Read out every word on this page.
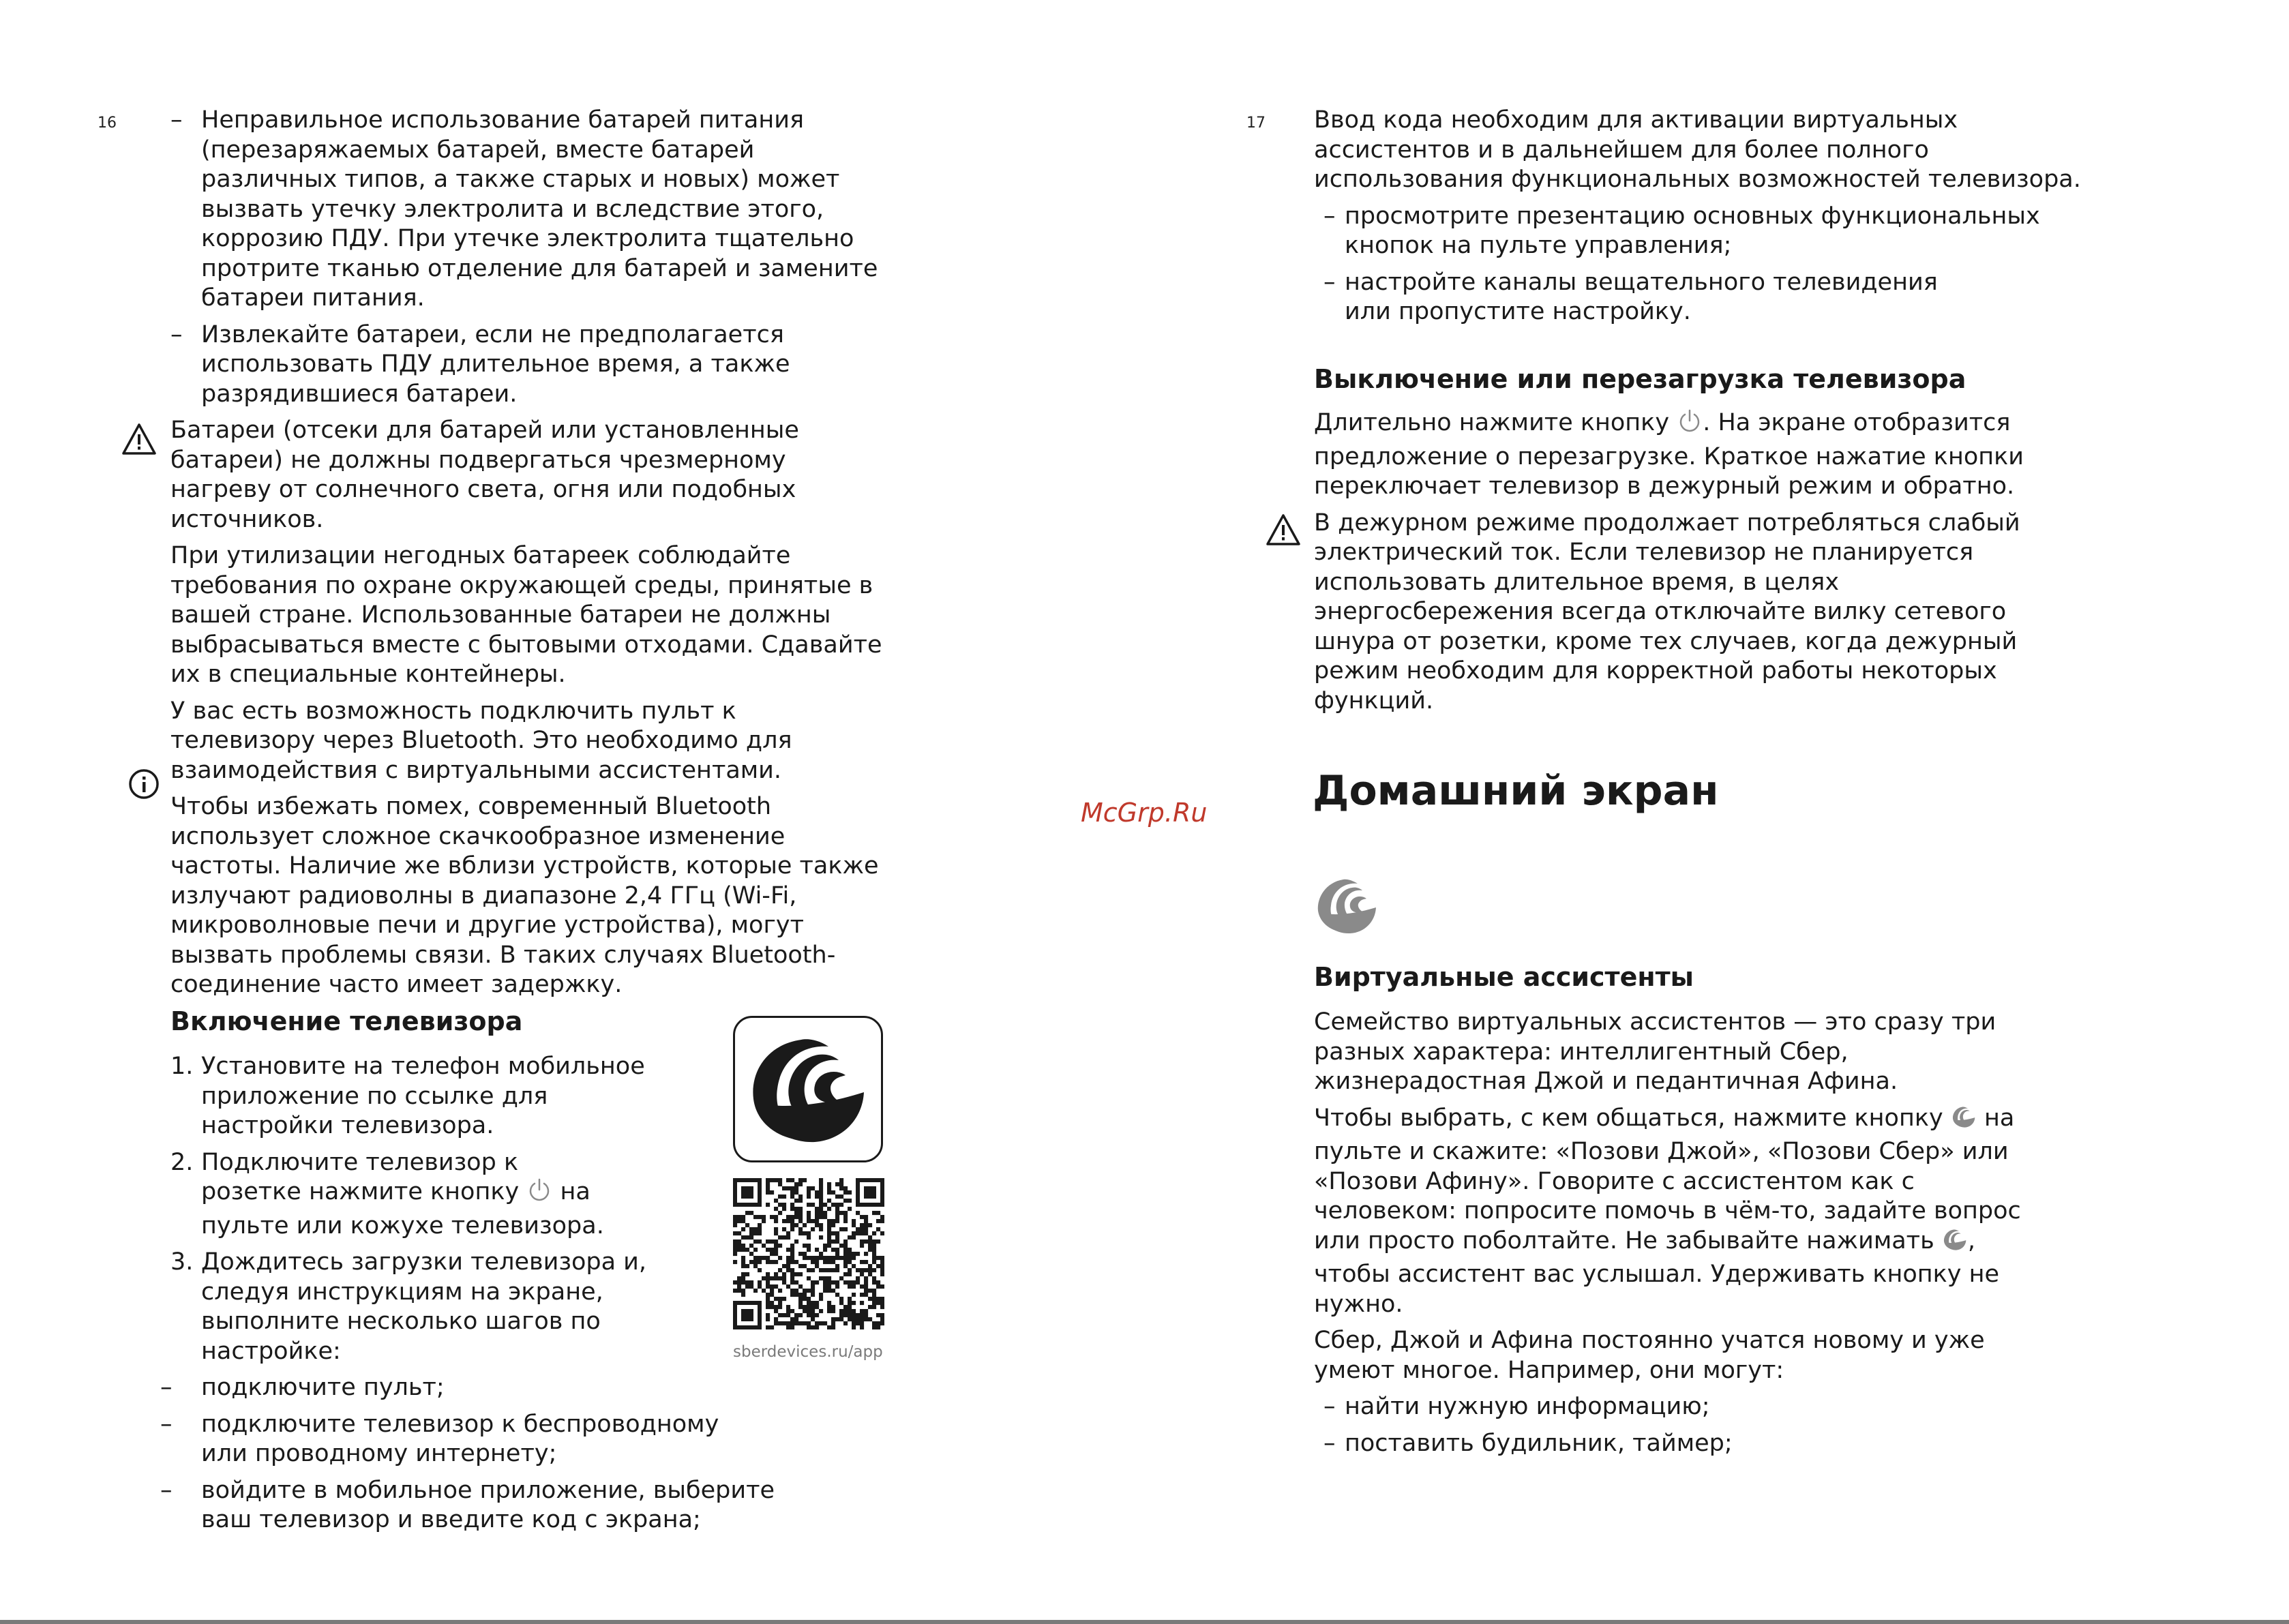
16 – Неправильное использование батарей питания (перезаряжаемых батарей, вместе батарей различных типов, а также старых и новых) может вызвать утечку электролита и вследствие этого, коррозию ПДУ. При утечке электролита тщательно протрите тканью отделение для батарей и замените батареи питания.
– Извлекайте батареи, если не предполагается использовать ПДУ длительное время, а также разрядившиеся батареи.

Батареи (отсеки для батарей или установленные батареи) не должны подвергаться чрезмерному нагреву от солнечного света, огня или подобных источников.

При утилизации негодных батареек соблюдайте требования по охране окружающей среды, принятые в вашей стране. Использованные батареи не должны выбрасываться вместе с бытовыми отходами. Сдавайте их в специальные контейнеры.

У вас есть возможность подключить пульт к телевизору через Bluetooth. Это необходимо для взаимодействия с виртуальными ассистентами.

Чтобы избежать помех, современный Bluetooth использует сложное скачкообразное изменение частоты. Наличие же вблизи устройств, которые также излучают радиоволны в диапазоне 2,4 ГГц (Wi-Fi, микроволновые печи и другие устройства), могут вызвать проблемы связи. В таких случаях Bluetooth-соединение часто имеет задержку.

Включение телевизора

1. Установите на телефон мобильное приложение по ссылке для настройки телевизора.
2. Подключите телевизор к розетке нажмите кнопку на пульте или кожухе телевизора.
3. Дождитесь загрузки телевизора и, следуя инструкциям на экране, выполните несколько шагов по настройке:
– подключите пульт;
– подключите телевизор к беспроводному или проводному интернету;
– войдите в мобильное приложение, выберите ваш телевизор и введите код с экрана;
sberdevices.ru/app
McGrp.Ru
17 Ввод кода необходим для активации виртуальных ассистентов и в дальнейшем для более полного использования функциональных возможностей телевизора.

– просмотрите презентацию основных функциональных кнопок на пульте управления;
– настройте каналы вещательного телевидения или пропустите настройку.

Выключение или перезагрузка телевизора

Длительно нажмите кнопку . На экране отобразится предложение о перезагрузке. Краткое нажатие кнопки переключает телевизор в дежурный режим и обратно.

В дежурном режиме продолжает потребляться слабый электрический ток. Если телевизор не планируется использовать длительное время, в целях энергосбережения всегда отключайте вилку сетевого шнура от розетки, кроме тех случаев, когда дежурный режим необходим для корректной работы некоторых функций.

Домашний экран

Виртуальные ассистенты

Семейство виртуальных ассистентов — это сразу три разных характера: интеллигентный Сбер, жизнерадостная Джой и педантичная Афина.

Чтобы выбрать, с кем общаться, нажмите кнопку на пульте и скажите: «Позови Джой», «Позови Сбер» или «Позови Афину». Говорите с ассистентом как с человеком: попросите помочь в чём-то, задайте вопрос или просто поболтайте. Не забывайте нажимать , чтобы ассистент вас услышал. Удерживать кнопку не нужно.

Сбер, Джой и Афина постоянно учатся новому и уже умеют многое. Например, они могут:

– найти нужную информацию;
– поставить будильник, таймер;
